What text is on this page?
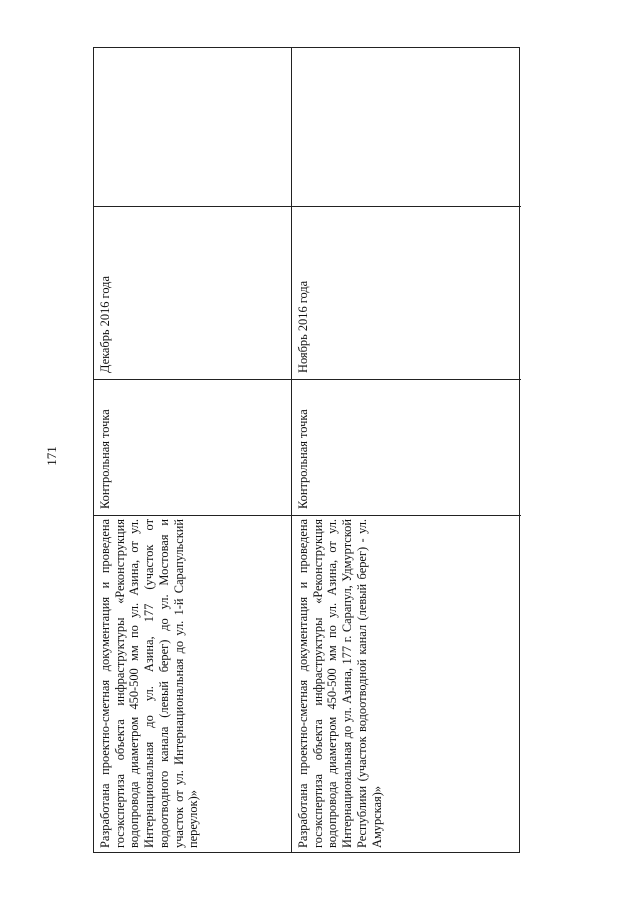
171
Ноябрь 2016 года
Контрольная точка
Разработана проектно-сметная документация и проведена госэкспертиза объекта инфраструктуры «Реконструкция водопровода диаметром 450-500 мм по ул. Азина, от ул. Интернациональная до ул. Азина, 177 г. Сарапул, Удмуртской Республики (участок водоотводной канал (левый берег) - ул. Амурская)»
Декабрь 2016 года
Контрольная точка
Разработана проектно-сметная документация и проведена госэкспертиза объекта инфраструктуры «Реконструкция водопровода диаметром 450-500 мм по ул. Азина, от ул. Интернациональная до ул. Азина, 177 (участок от водоотводного канала (левый берег) до ул. Мостовая и участок от ул. Интернациональная до ул. 1-й Сарапульский переулок)»
